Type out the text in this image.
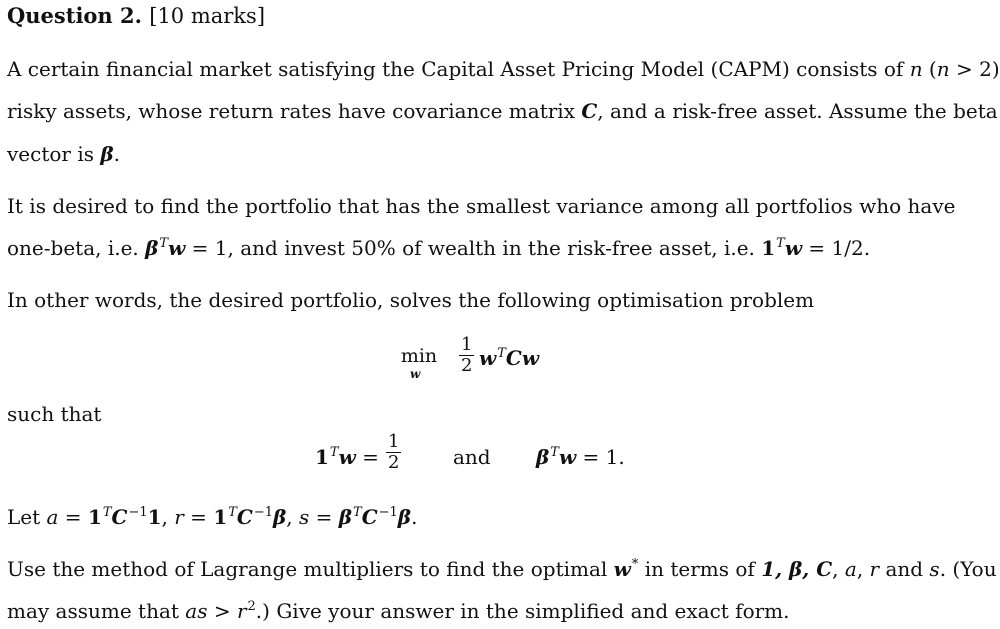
Question 2. [10 marks]
A certain financial market satisfying the Capital Asset Pricing Model (CAPM) consists of n (n > 2)
risky assets, whose return rates have covariance matrix C, and a risk-free asset. Assume the beta
vector is β.
It is desired to find the portfolio that has the smallest variance among all portfolios who have
one-beta, i.e. $\beta^Tw = 1$, and invest 50% of wealth in the risk-free asset, i.e. $1^Tw = 1/2$.
In other words, the desired portfolio, solves the following optimisation problem
min
w $\frac{1}{2} w^TCw$
such that
$1^Tw = \frac{1}{2}$	and $\beta^Tw = 1$.
Let $a = 1^TC^{-1}1$, $r = 1^TC^{-1}\beta$, $s = \beta^TC^{-1}\beta$.
Use the method of Lagrange multipliers to find the optimal w* in terms of 1, β, C, a, r and s. (You
may assume that as > $r^2$.) Give your answer in the simplified and exact form.
